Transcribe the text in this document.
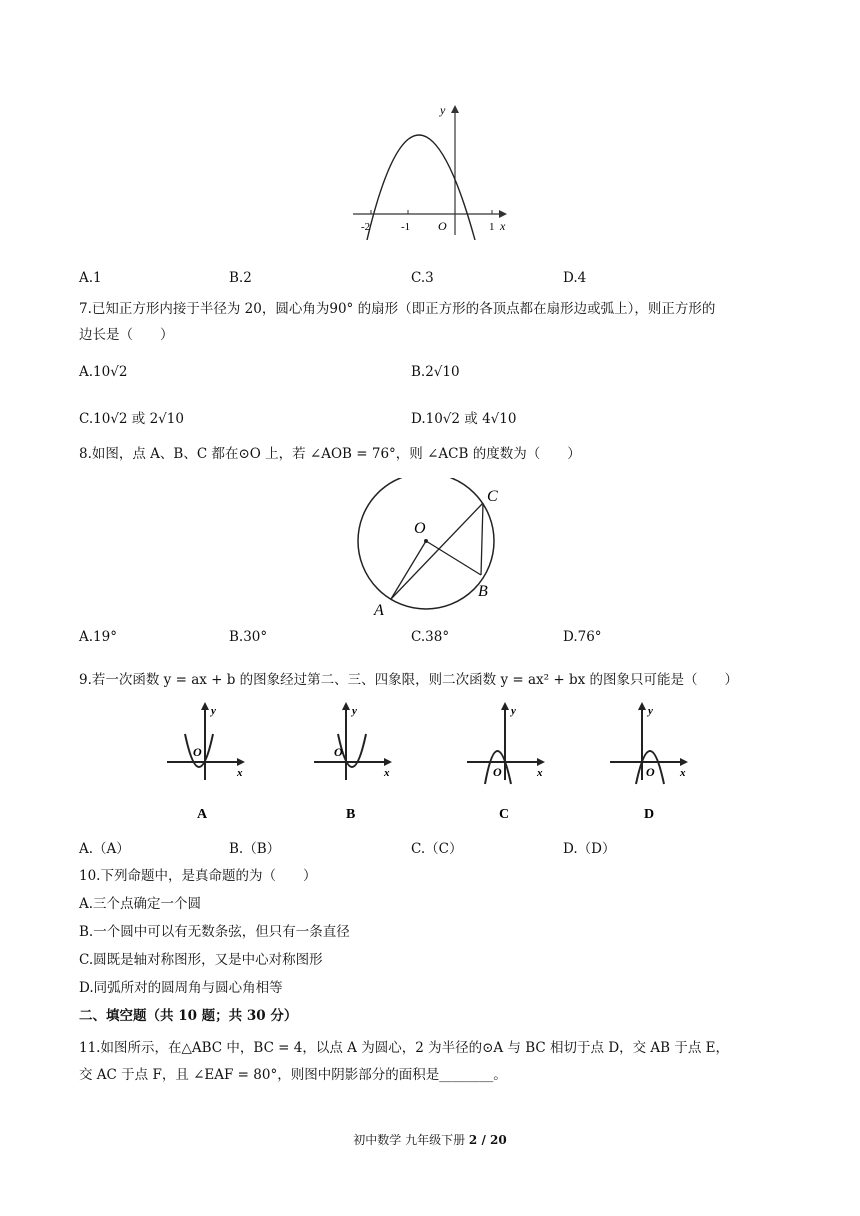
y
-2	-1 O	1 x
A.1	B.2	C.3	D.4
7.已知正方形内接于半径为 20，圆心角为90° 的扇形（即正方形的各顶点都在扇形边或弧上），则正方形的
边长是（　　）
A.10√2	B.2√10
C.10√2 或 2√10	D.10√2 或 4√10
8.如图，点 A、B、C 都在⊙O 上，若 ∠AOB = 76°，则 ∠ACB 的度数为（　　）
O
C
B
A
A.19°	B.30°	C.38°	D.76°
9.若一次函数 y = ax + b 的图象经过第二、三、四象限，则二次函数 y = ax² + bx 的图象只可能是（　　）
y
O
x
A
y
O
x
B
y
O	x
C
y
O x
D
A.（A）	B.（B）	C.（C）	D.（D）
10.下列命题中，是真命题的为（　　）
A.三个点确定一个圆
B.一个圆中可以有无数条弦，但只有一条直径
C.圆既是轴对称图形，又是中心对称图形
D.同弧所对的圆周角与圆心角相等
二、填空题（共 10 题；共 30 分）
11.如图所示，在△ABC 中，BC = 4，以点 A 为圆心，2 为半径的⊙A 与 BC 相切于点 D，交 AB 于点 E，
交 AC 于点 F，且 ∠EAF = 80°，则图中阴影部分的面积是________。
初中数学 九年级下册 2 / 20
